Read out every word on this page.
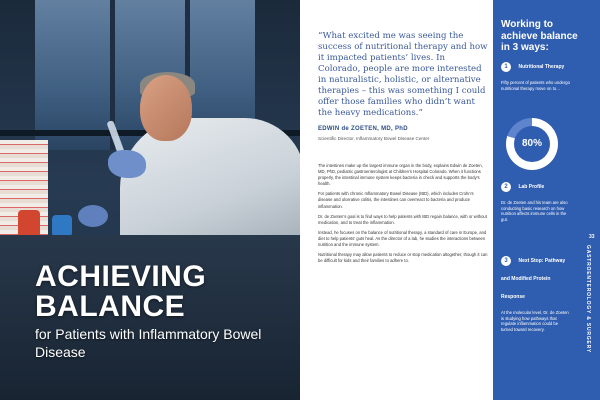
ACHIEVING BALANCE
for Patients with Inflammatory Bowel Disease
“What excited me was seeing the success of nutritional therapy and how it impacted patients’ lives. In Colorado, people are more interested in naturalistic, holistic, or alternative therapies – this was something I could offer those families who didn’t want the heavy medications.”
EDWIN de ZOETEN, MD, PhD
Scientific Director, Inflammatory Bowel Disease Center

The intestines make up the largest immune organ in the body, explains Edwin de Zoeten, MD, PhD, pediatric gastroenterologist at Children’s Hospital Colorado. When it functions properly, the intestinal immune system keeps bacteria in check and supports the body’s health.

For patients with chronic Inflammatory Bowel Disease (IBD), which includes Crohn’s disease and ulcerative colitis, the intestines can overreact to bacteria and produce inflammation.

Dr. de Zoeten’s goal is to find ways to help patients with IBD regain balance, with or without medication, and to treat the inflammation.

Instead, he focuses on the balance of nutritional therapy, a standard of care in Europe, and diet to help patients’ guts heal. As the director of a lab, he studies the interactions between nutrition and the immune system.

Nutritional therapy may allow patients to reduce or stop medication altogether, though it can be difficult for kids and their families to adhere to.

Working to achieve balance in 3 ways:
1 Nutritional Therapy
Fifty percent of patients who undergo nutritional therapy move on to…
80%
2 Lab Profile
Dr. de Zoeten and his team are also conducting basic research on how nutrition affects immune cells in the gut.
3 Next Stop: Pathway and Modified Protein Response
At the molecular level, Dr. de Zoeten is studying how pathways that regulate inflammation could be turned toward recovery.
33
GASTROENTEROLOGY & SURGERY
